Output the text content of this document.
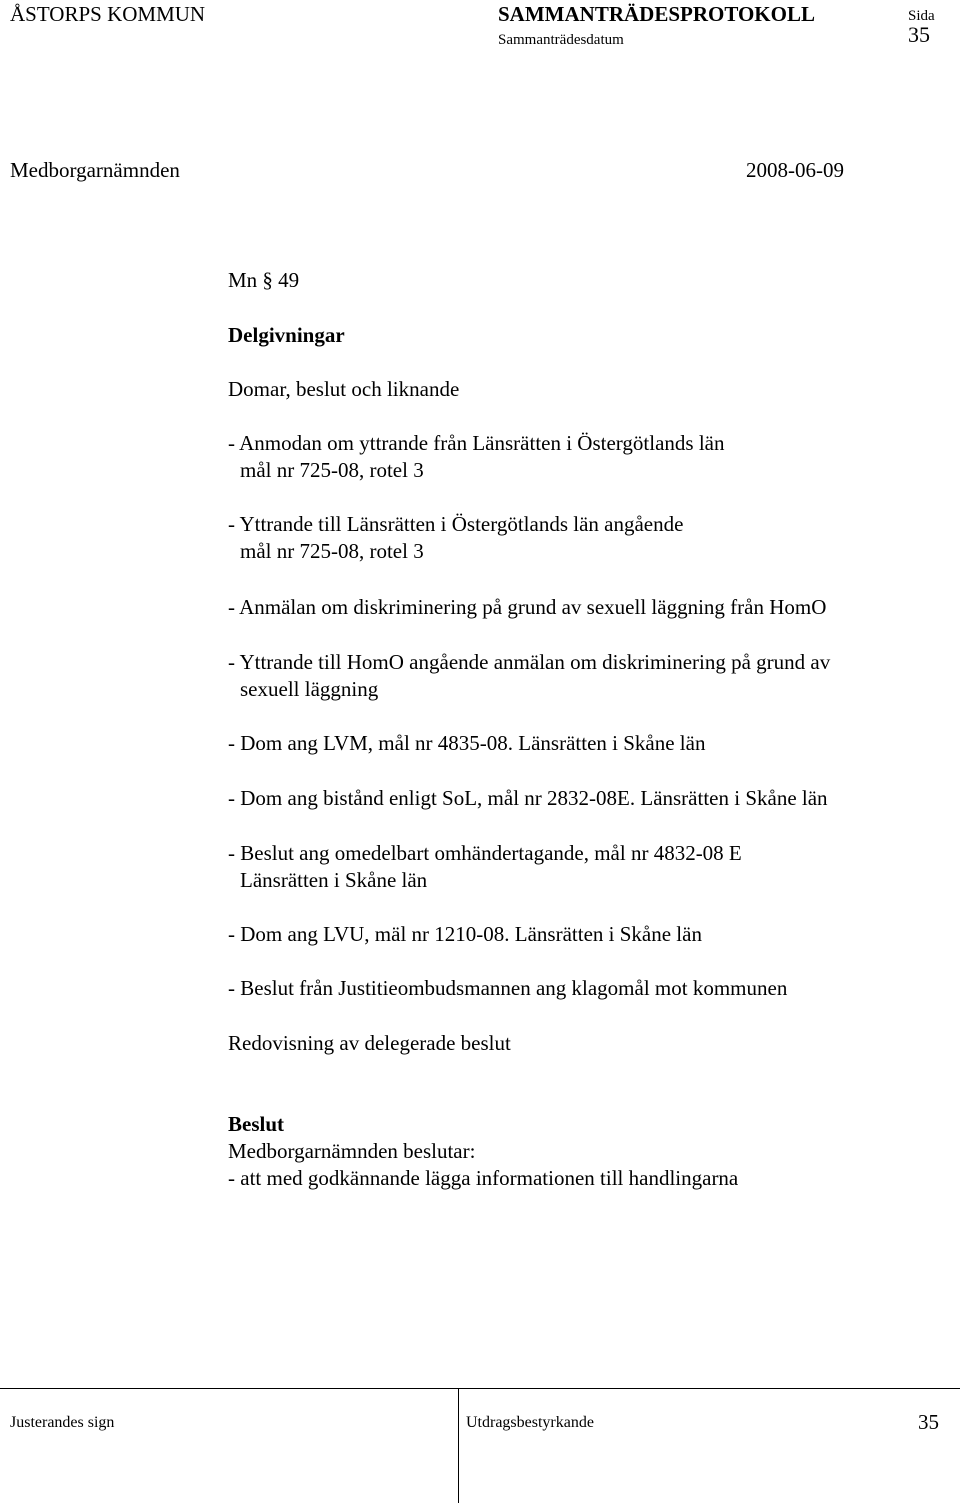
ÅSTORPS KOMMUN	SAMMANTRÄDESPROTOKOLL
Sammanträdesdatum
Sida
35
Medborgarnämnden	2008-06-09
Mn § 49
Delgivningar
Domar, beslut och liknande
- Anmodan om yttrande från Länsrätten i Östergötlands län
mål nr 725-08, rotel 3
- Yttrande till Länsrätten i Östergötlands län angående
mål nr 725-08, rotel 3
- Anmälan om diskriminering på grund av sexuell läggning från HomO
- Yttrande till HomO angående anmälan om diskriminering på grund av
sexuell läggning
- Dom ang LVM, mål nr 4835-08. Länsrätten i Skåne län
- Dom ang bistånd enligt SoL, mål nr 2832-08E. Länsrätten i Skåne län
- Beslut ang omedelbart omhändertagande, mål nr 4832-08 E
Länsrätten i Skåne län
- Dom ang LVU, mäl nr 1210-08. Länsrätten i Skåne län
- Beslut från Justitieombudsmannen ang klagomål mot kommunen
Redovisning av delegerade beslut
Beslut
Medborgarnämnden beslutar:
- att med godkännande lägga informationen till handlingarna
Justerandes sign	Utdragsbestyrkande	35
